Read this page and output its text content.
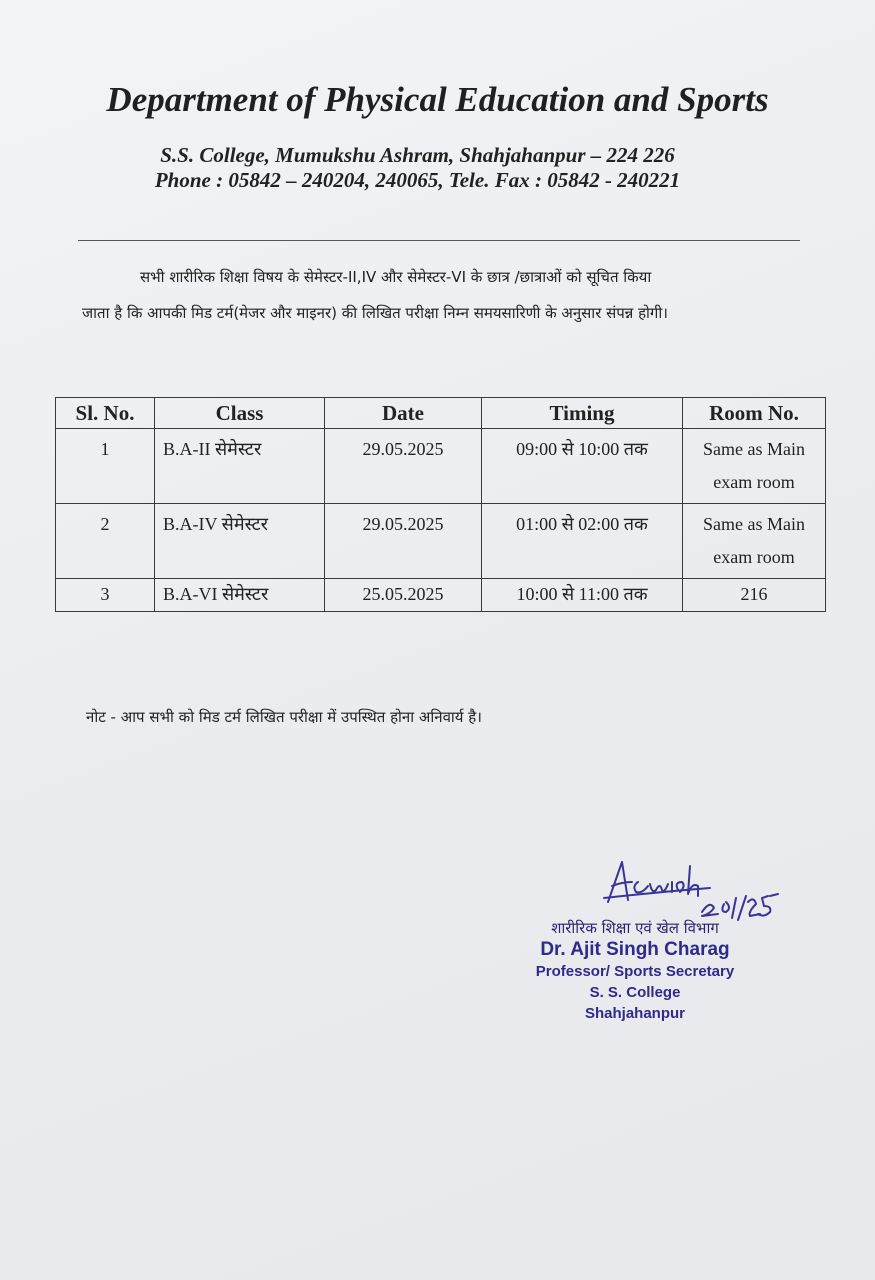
Department of Physical Education and Sports
S.S. College, Mumukshu Ashram, Shahjahanpur – 224 226
Phone : 05842 – 240204, 240065, Tele. Fax : 05842 - 240221
सभी शारीरिक शिक्षा विषय के सेमेस्टर-II,IV और सेमेस्टर-VI के छात्र /छात्राओं को सूचित किया
जाता है कि आपकी मिड टर्म(मेजर और माइनर) की लिखित परीक्षा निम्न समयसारिणी के अनुसार संपन्न होगी।
Sl. No.	Class	Date	Timing	Room No.
1	B.A-II सेमेस्टर	29.05.2025	09:00 से 10:00 तक	Same as Main exam room
2	B.A-IV सेमेस्टर	29.05.2025	01:00 से 02:00 तक	Same as Main exam room
3	B.A-VI सेमेस्टर	25.05.2025	10:00 से 11:00 तक	216
नोट - आप सभी को मिड टर्म लिखित परीक्षा में उपस्थित होना अनिवार्य है।
शारीरिक शिक्षा एवं खेल विभाग
Dr. Ajit Singh Charag
Professor/ Sports Secretary
S. S. College
Shahjahanpur
